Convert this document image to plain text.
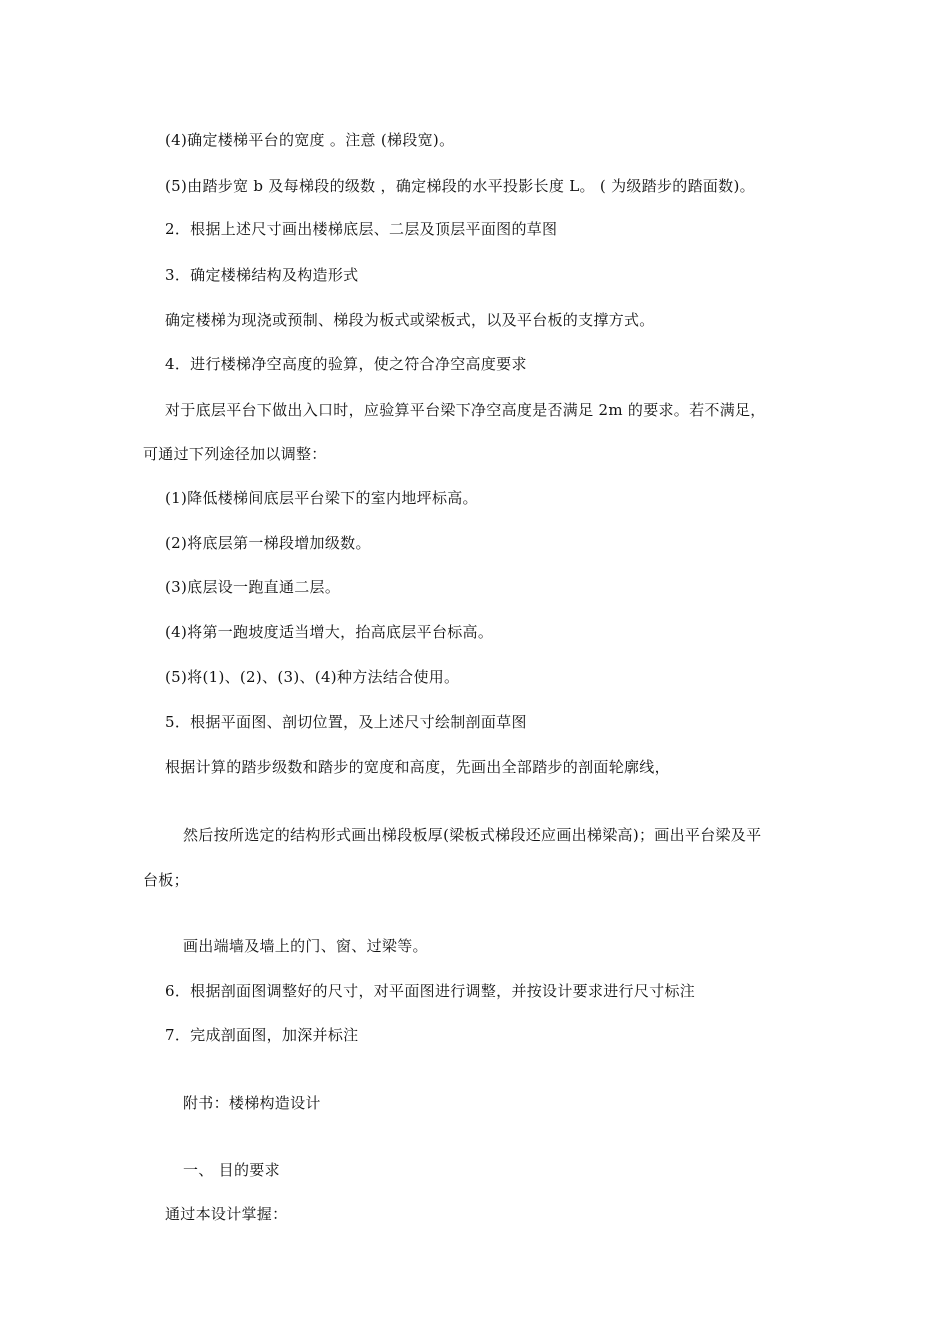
(4)确定楼梯平台的宽度 。注意 (梯段宽)。
(5)由踏步宽 b 及每梯段的级数 ，确定梯段的水平投影长度 L。 ( 为级踏步的踏面数)。
2．根据上述尺寸画出楼梯底层、二层及顶层平面图的草图
3．确定楼梯结构及构造形式
确定楼梯为现浇或预制、梯段为板式或梁板式，以及平台板的支撑方式。
4．进行楼梯净空高度的验算，使之符合净空高度要求
对于底层平台下做出入口时，应验算平台梁下净空高度是否满足 2m 的要求。若不满足，
可通过下列途径加以调整：
(1)降低楼梯间底层平台梁下的室内地坪标高。
(2)将底层第一梯段增加级数。
(3)底层设一跑直通二层。
(4)将第一跑坡度适当增大，抬高底层平台标高。
(5)将(1)、(2)、(3)、(4)种方法结合使用。
5．根据平面图、剖切位置，及上述尺寸绘制剖面草图
根据计算的踏步级数和踏步的宽度和高度，先画出全部踏步的剖面轮廓线，
然后按所选定的结构形式画出梯段板厚(梁板式梯段还应画出梯梁高)；画出平台梁及平
台板；
画出端墙及墙上的门、窗、过梁等。
6．根据剖面图调整好的尺寸，对平面图进行调整，并按设计要求进行尺寸标注
7．完成剖面图，加深并标注
附书：楼梯构造设计
一、 目的要求
通过本设计掌握：
